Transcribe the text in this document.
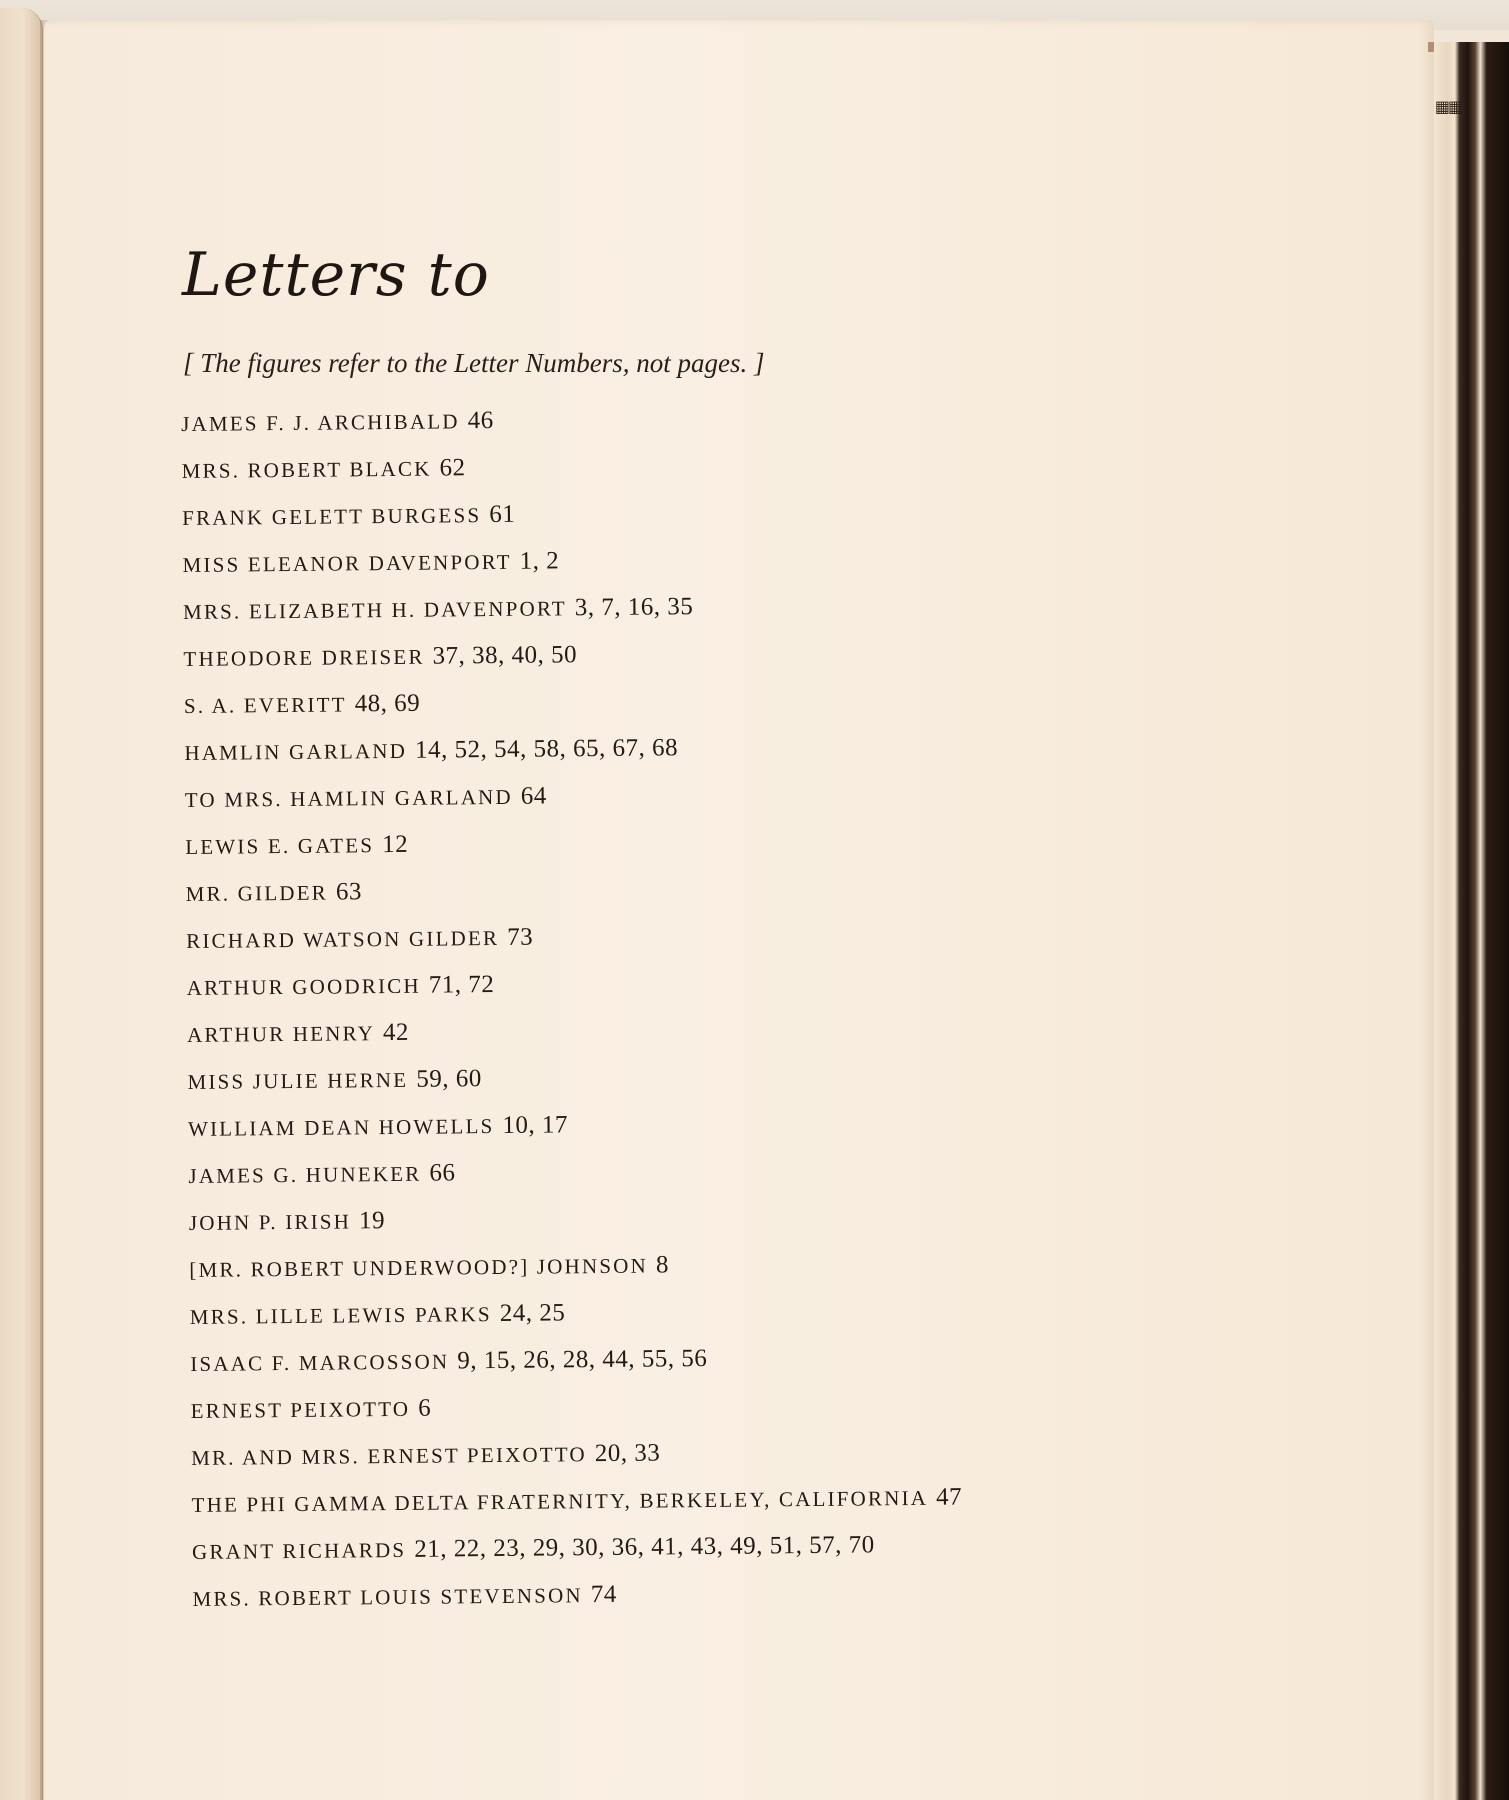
▦▦
Letters to
[ The figures refer to the Letter Numbers, not pages. ]
JAMES F. J. ARCHIBALD  46
MRS. ROBERT BLACK  62
FRANK GELETT BURGESS  61
MISS ELEANOR DAVENPORT  1, 2
MRS. ELIZABETH H. DAVENPORT  3, 7, 16, 35
THEODORE DREISER  37, 38, 40, 50
S. A. EVERITT  48, 69
HAMLIN GARLAND  14, 52, 54, 58, 65, 67, 68
TO MRS. HAMLIN GARLAND  64
LEWIS E. GATES  12
MR. GILDER  63
RICHARD WATSON GILDER  73
ARTHUR GOODRICH  71, 72
ARTHUR HENRY  42
MISS JULIE HERNE  59, 60
WILLIAM DEAN HOWELLS  10, 17
JAMES G. HUNEKER  66
JOHN P. IRISH  19
[MR. ROBERT UNDERWOOD?] JOHNSON  8
MRS. LILLE LEWIS PARKS  24, 25
ISAAC F. MARCOSSON  9, 15, 26, 28, 44, 55, 56
ERNEST PEIXOTTO  6
MR. AND MRS. ERNEST PEIXOTTO  20, 33
THE PHI GAMMA DELTA FRATERNITY, BERKELEY, CALIFORNIA  47
GRANT RICHARDS  21, 22, 23, 29, 30, 36, 41, 43, 49, 51, 57, 70
MRS. ROBERT LOUIS STEVENSON  74
